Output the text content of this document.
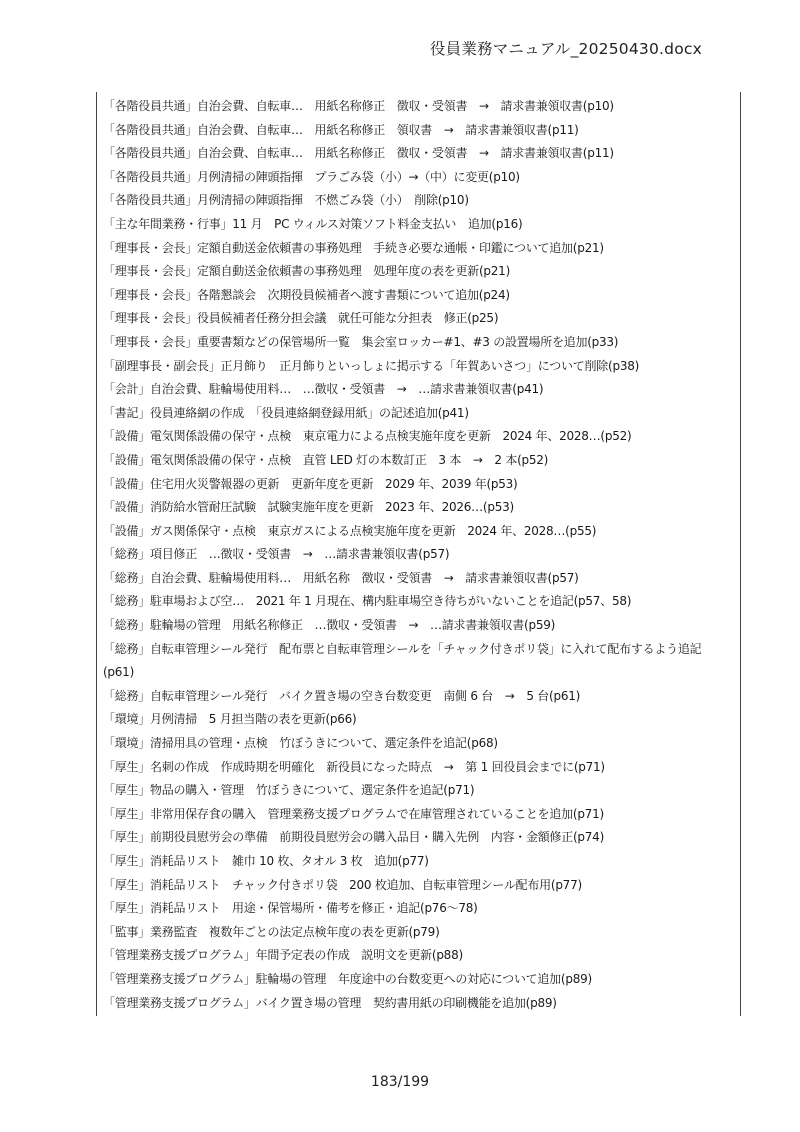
役員業務マニュアル_20250430.docx
「各階役員共通」自治会費、自転車…　用紙名称修正　徴収・受領書　→　請求書兼領収書(p10)
「各階役員共通」自治会費、自転車…　用紙名称修正　領収書　→　請求書兼領収書(p11)
「各階役員共通」自治会費、自転車…　用紙名称修正　徴収・受領書　→　請求書兼領収書(p11)
「各階役員共通」月例清掃の陣頭指揮　プラごみ袋（小）→（中）に変更(p10)
「各階役員共通」月例清掃の陣頭指揮　不燃ごみ袋（小）　削除(p10)
「主な年間業務・行事」11 月　PC ウィルス対策ソフト料金支払い　追加(p16)
「理事長・会長」定額自動送金依頼書の事務処理　手続き必要な通帳・印鑑について追加(p21)
「理事長・会長」定額自動送金依頼書の事務処理　処理年度の表を更新(p21)
「理事長・会長」各階懇談会　次期役員候補者へ渡す書類について追加(p24)
「理事長・会長」役員候補者任務分担会議　就任可能な分担表　修正(p25)
「理事長・会長」重要書類などの保管場所一覧　集会室ロッカー#1、#3 の設置場所を追加(p33)
「副理事長・副会長」正月飾り　正月飾りといっしょに掲示する「年賀あいさつ」について削除(p38)
「会計」自治会費、駐輪場使用料…　…徴収・受領書　→　…請求書兼領収書(p41)
「書記」役員連絡網の作成　「役員連絡網登録用紙」の記述追加(p41)
「設備」電気関係設備の保守・点検　東京電力による点検実施年度を更新　2024 年、2028…(p52)
「設備」電気関係設備の保守・点検　直管 LED 灯の本数訂正　3 本　→　2 本(p52)
「設備」住宅用火災警報器の更新　更新年度を更新　2029 年、2039 年(p53)
「設備」消防給水管耐圧試験　試験実施年度を更新　2023 年、2026…(p53)
「設備」ガス関係保守・点検　東京ガスによる点検実施年度を更新　2024 年、2028…(p55)
「総務」項目修正　…徴収・受領書　→　…請求書兼領収書(p57)
「総務」自治会費、駐輪場使用料…　用紙名称　徴収・受領書　→　請求書兼領収書(p57)
「総務」駐車場および空…　2021 年 1 月現在、構内駐車場空き待ちがいないことを追記(p57、58)
「総務」駐輪場の管理　用紙名称修正　…徴収・受領書　→　…請求書兼領収書(p59)
「総務」自転車管理シール発行　配布票と自転車管理シールを「チャック付きポリ袋」に入れて配布するよう追記(p61)
「総務」自転車管理シール発行　バイク置き場の空き台数変更　南側 6 台　→　5 台(p61)
「環境」月例清掃　5 月担当階の表を更新(p66)
「環境」清掃用具の管理・点検　竹ぼうきについて、選定条件を追記(p68)
「厚生」名刺の作成　作成時期を明確化　新役員になった時点　→　第 1 回役員会までに(p71)
「厚生」物品の購入・管理　竹ぼうきについて、選定条件を追記(p71)
「厚生」非常用保存食の購入　管理業務支援プログラムで在庫管理されていることを追加(p71)
「厚生」前期役員慰労会の準備　前期役員慰労会の購入品目・購入先例　内容・金額修正(p74)
「厚生」消耗品リスト　雑巾 10 枚、タオル 3 枚　追加(p77)
「厚生」消耗品リスト　チャック付きポリ袋　200 枚追加、自転車管理シール配布用(p77)
「厚生」消耗品リスト　用途・保管場所・備考を修正・追記(p76～78)
「監事」業務監査　複数年ごとの法定点検年度の表を更新(p79)
「管理業務支援プログラム」年間予定表の作成　説明文を更新(p88)
「管理業務支援プログラム」駐輪場の管理　年度途中の台数変更への対応について追加(p89)
「管理業務支援プログラム」バイク置き場の管理　契約書用紙の印刷機能を追加(p89)
183/199
